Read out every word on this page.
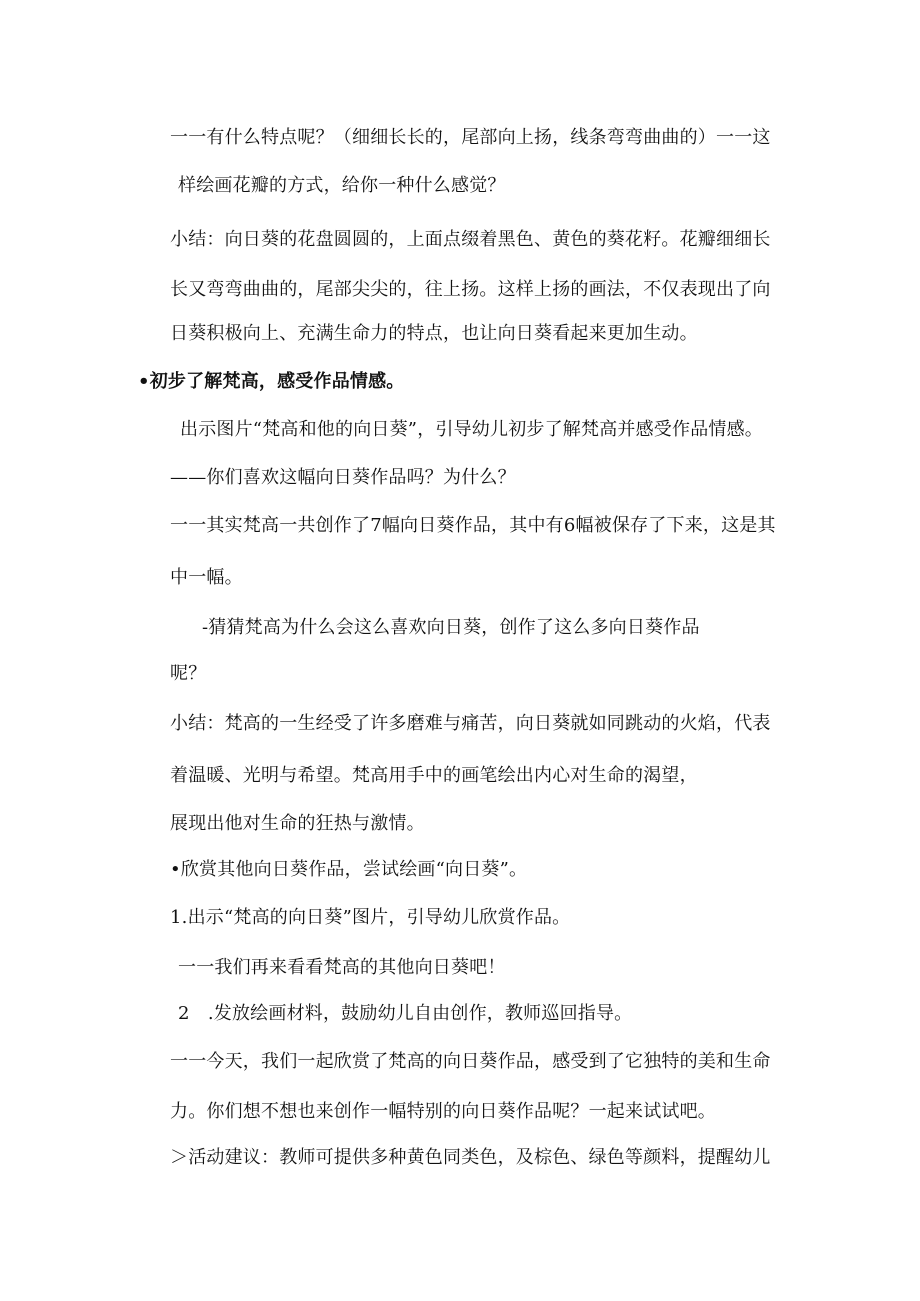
一一有什么特点呢？（细细长长的，尾部向上扬，线条弯弯曲曲的）一一这
样绘画花瓣的方式，给你一种什么感觉？
小结：向日葵的花盘圆圆的，上面点缀着黑色、黄色的葵花籽。花瓣细细长
长又弯弯曲曲的，尾部尖尖的，往上扬。这样上扬的画法，不仅表现出了向
日葵积极向上、充满生命力的特点，也让向日葵看起来更加生动。
•初步了解梵高，感受作品情感。
出示图片“梵高和他的向日葵”，引导幼儿初步了解梵高并感受作品情感。
——你们喜欢这幅向日葵作品吗？为什么？
一一其实梵高一共创作了7幅向日葵作品，其中有6幅被保存了下来，这是其
中一幅。
-猜猜梵高为什么会这么喜欢向日葵，创作了这么多向日葵作品
呢？
小结：梵高的一生经受了许多磨难与痛苦，向日葵就如同跳动的火焰，代表
着温暖、光明与希望。梵高用手中的画笔绘出内心对生命的渴望，
展现出他对生命的狂热与激情。
•欣赏其他向日葵作品，尝试绘画“向日葵”。
1.出示“梵高的向日葵”图片，引导幼儿欣赏作品。
一一我们再来看看梵高的其他向日葵吧！
2　.发放绘画材料，鼓励幼儿自由创作，教师巡回指导。
一一今天，我们一起欣赏了梵高的向日葵作品，感受到了它独特的美和生命
力。你们想不想也来创作一幅特别的向日葵作品呢？一起来试试吧。
＞活动建议：教师可提供多种黄色同类色，及棕色、绿色等颜料，提醒幼儿
